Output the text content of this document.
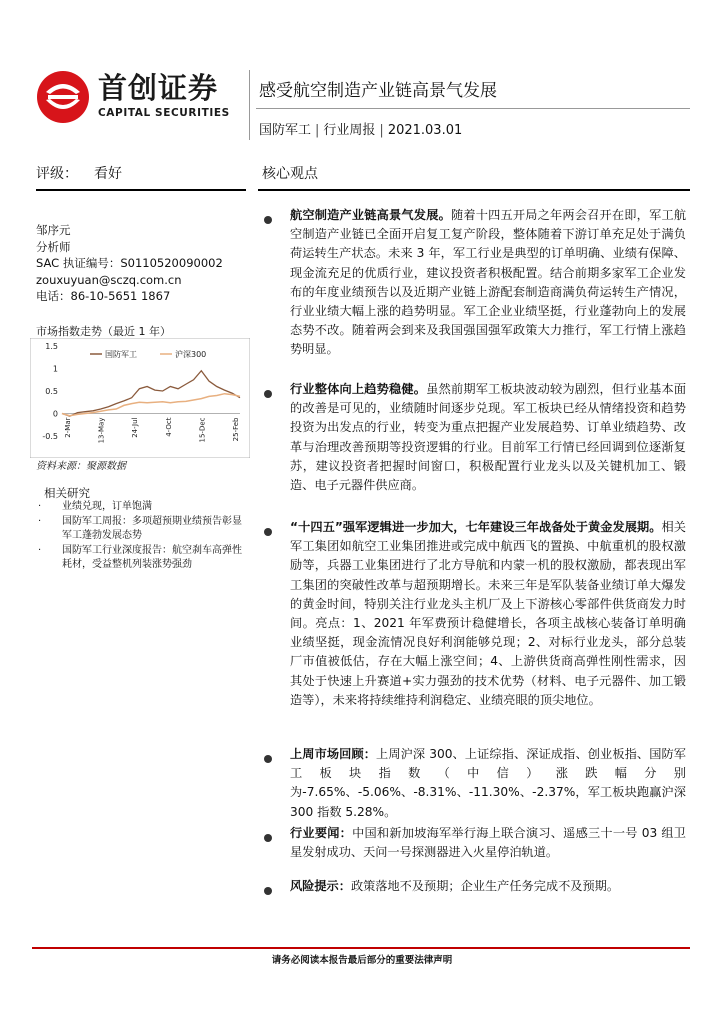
首创证券
CAPITAL SECURITIES
感受航空制造产业链高景气发展
国防军工 | 行业周报 | 2021.03.01
评级： 看好	核心观点
邹序元
分析师
SAC 执证编号：S0110520090002
zouxuyuan@sczq.com.cn
电话：86-10-5651 1867
市场指数走势（最近 1 年）
1.5
1
0.5
0
-0.5 2-Mar	13-May	24-Jul	4-Oct	15-Dec	25-Feb
国防军工	沪深300
资料来源：聚源数据
相关研究
· 业绩兑现，订单饱满
· 国防军工周报：多项超预期业绩预告彰显军工蓬勃发展态势
· 国防军工行业深度报告：航空刹车高弹性耗材，受益整机列装涨势强劲
航空制造产业链高景气发展。随着十四五开局之年两会召开在即，军工航空制造产业链已全面开启复工复产阶段，整体随着下游订单充足处于满负荷运转生产状态。未来 3 年，军工行业是典型的订单明确、业绩有保障、现金流充足的优质行业，建议投资者积极配置。结合前期多家军工企业发布的年度业绩预告以及近期产业链上游配套制造商满负荷运转生产情况，行业业绩大幅上涨的趋势明显。军工企业业绩坚挺，行业蓬勃向上的发展态势不改。随着两会到来及我国强国强军政策大力推行，军工行情上涨趋势明显。
行业整体向上趋势稳健。虽然前期军工板块波动较为剧烈，但行业基本面的改善是可见的，业绩随时间逐步兑现。军工板块已经从情绪投资和趋势投资为出发点的行业，转变为重点把握产业发展趋势、订单业绩趋势、改革与治理改善预期等投资逻辑的行业。目前军工行情已经回调到位逐渐复苏，建议投资者把握时间窗口，积极配置行业龙头以及关键机加工、锻造、电子元器件供应商。
“十四五”强军逻辑进一步加大，七年建设三年战备处于黄金发展期。相关军工集团如航空工业集团推进或完成中航西飞的置换、中航重机的股权激励等，兵器工业集团进行了北方导航和内蒙一机的股权激励，都表现出军工集团的突破性改革与超预期增长。未来三年是军队装备业绩订单大爆发的黄金时间，特别关注行业龙头主机厂及上下游核心零部件供货商发力时间。亮点：1、2021 年军费预计稳健增长，各项主战核心装备订单明确业绩坚挺，现金流情况良好利润能够兑现；2、对标行业龙头，部分总装厂市值被低估，存在大幅上涨空间；4、上游供货商高弹性刚性需求，因其处于快速上升赛道+实力强劲的技术优势（材料、电子元器件、加工锻造等），未来将持续维持利润稳定、业绩亮眼的顶尖地位。
上周市场回顾：上周沪深 300、上证综指、深证成指、创业板指、国防军工板块指数（中信）涨跌幅分别为-7.65%、-5.06%、-8.31%、-11.30%、-2.37%，军工板块跑赢沪深 300 指数 5.28%。
行业要闻：中国和新加坡海军举行海上联合演习、遥感三十一号 03 组卫星发射成功、天问一号探测器进入火星停泊轨道。
风险提示：政策落地不及预期；企业生产任务完成不及预期。
请务必阅读本报告最后部分的重要法律声明
